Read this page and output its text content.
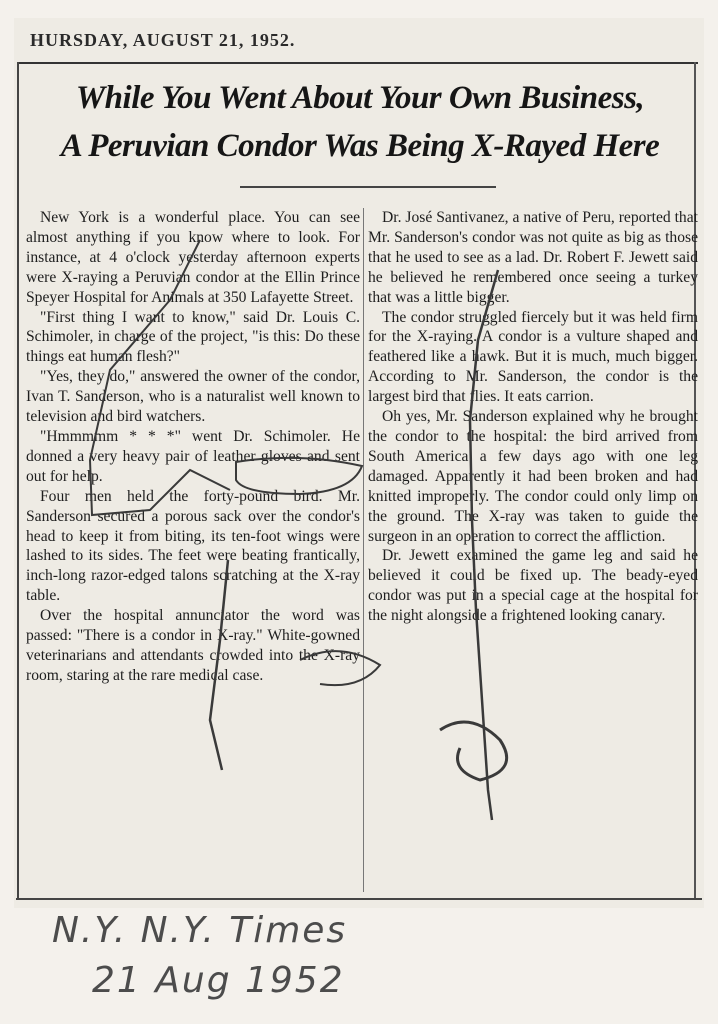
HURSDAY, AUGUST 21, 1952.
While You Went About Your Own Business,
A Peruvian Condor Was Being X-Rayed Here

New York is a wonderful place. You can see almost anything if you know where to look. For instance, at 4 o'clock yesterday afternoon experts were X-raying a Peruvian condor at the Ellin Prince Speyer Hospital for Animals at 350 Lafayette Street.

"First thing I want to know," said Dr. Louis C. Schimoler, in charge of the project, "is this: Do these things eat human flesh?"

"Yes, they do," answered the owner of the condor, Ivan T. Sanderson, who is a naturalist well known to television and bird watchers.

"Hmmmmm * * *" went Dr. Schimoler. He donned a very heavy pair of leather gloves and sent out for help.

Four men held the forty-pound bird. Mr. Sanderson secured a porous sack over the condor's head to keep it from biting, its ten-foot wings were lashed to its sides. The feet were beating frantically, inch-long razor-edged talons scratching at the X-ray table.

Over the hospital annunciator the word was passed: "There is a condor in X-ray." White-gowned veterinarians and attendants crowded into the X-ray room, staring at the rare medical case.

Dr. José Santivanez, a native of Peru, reported that Mr. Sanderson's condor was not quite as big as those that he used to see as a lad. Dr. Robert F. Jewett said he believed he remembered once seeing a turkey that was a little bigger.

The condor struggled fiercely but it was held firm for the X-raying. A condor is a vulture shaped and feathered like a hawk. But it is much, much bigger. According to Mr. Sanderson, the condor is the largest bird that flies. It eats carrion.

Oh yes, Mr. Sanderson explained why he brought the condor to the hospital: the bird arrived from South America a few days ago with one leg damaged. Apparently it had been broken and had knitted improperly. The condor could only limp on the ground. The X-ray was taken to guide the surgeon in an operation to correct the affliction.

Dr. Jewett examined the game leg and said he believed it could be fixed up. The beady-eyed condor was put in a special cage at the hospital for the night alongside a frightened looking canary.

N.Y. N.Y. Times
21 Aug 1952
